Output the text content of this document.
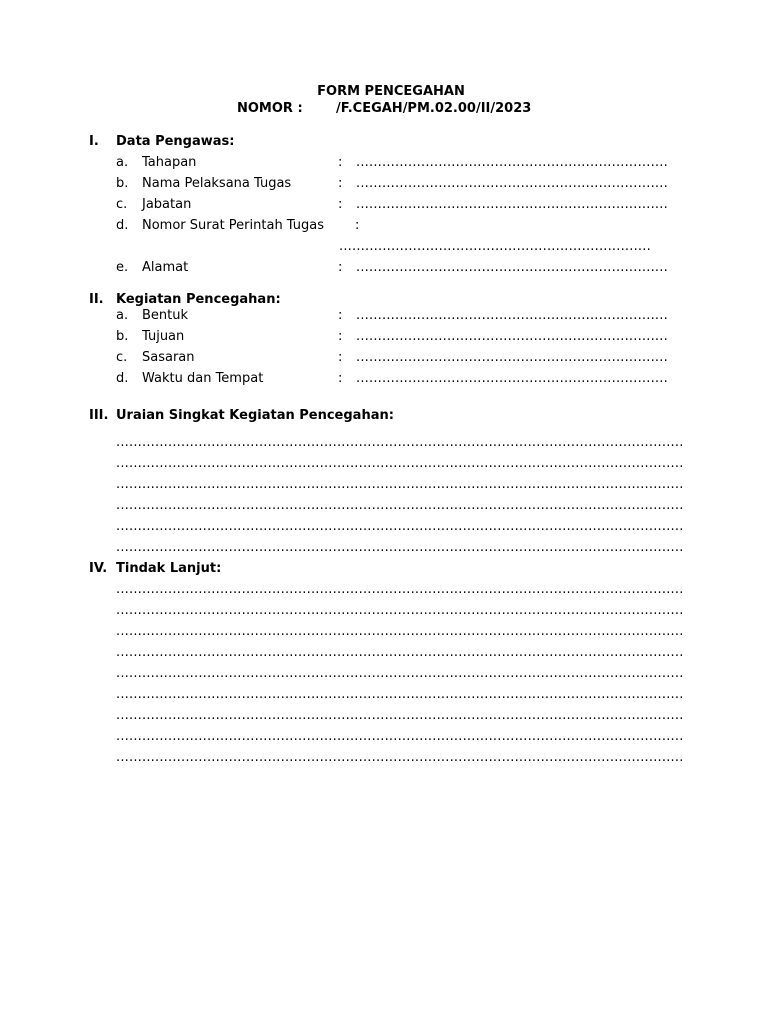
FORM PENCEGAHAN
NOMOR :	/F.CEGAH/PM.02.00/II/2023
I. Data Pengawas:
a. Tahapan	: ........................................................................
b. Nama Pelaksana Tugas	: ........................................................................
c. Jabatan	: ........................................................................
d. Nomor Surat Perintah Tugas :
........................................................................
e. Alamat	: ........................................................................
II. Kegiatan Pencegahan:
a. Bentuk	: ........................................................................
b. Tujuan	: ........................................................................
c. Sasaran	: ........................................................................
d. Waktu dan Tempat	: ........................................................................
III. Uraian Singkat Kegiatan Pencegahan:
...................................................................................................................................
...................................................................................................................................
...................................................................................................................................
...................................................................................................................................
...................................................................................................................................
...................................................................................................................................
IV. Tindak Lanjut:
...................................................................................................................................
...................................................................................................................................
...................................................................................................................................
...................................................................................................................................
...................................................................................................................................
...................................................................................................................................
...................................................................................................................................
...................................................................................................................................
...................................................................................................................................
